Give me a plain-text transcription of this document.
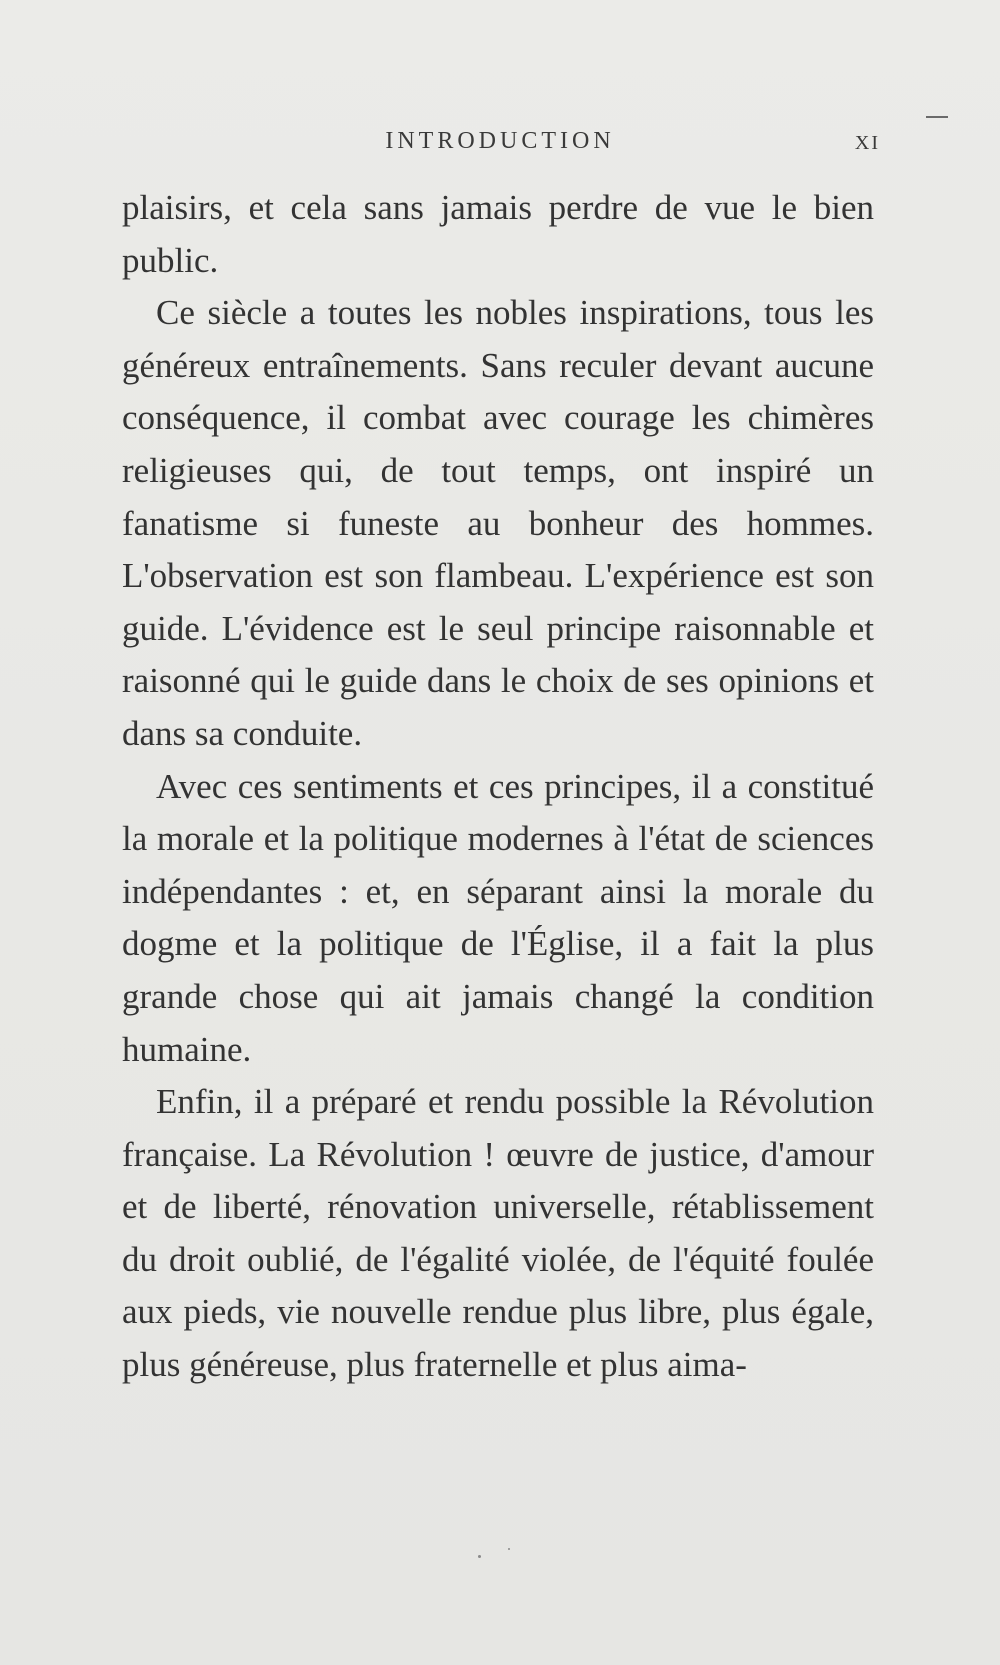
INTRODUCTION	XI

plaisirs, et cela sans jamais perdre de vue le bien public.

Ce siècle a toutes les nobles inspirations, tous les généreux entraînements. Sans reculer devant aucune conséquence, il combat avec courage les chimères religieuses qui, de tout temps, ont inspiré un fanatisme si funeste au bonheur des hommes. L'observation est son flambeau. L'expérience est son guide. L'évidence est le seul principe raisonnable et raisonné qui le guide dans le choix de ses opinions et dans sa conduite.

Avec ces sentiments et ces principes, il a constitué la morale et la politique modernes à l'état de sciences indépendantes : et, en séparant ainsi la morale du dogme et la politique de l'Église, il a fait la plus grande chose qui ait jamais changé la condition humaine.

Enfin, il a préparé et rendu possible la Révolution française. La Révolution ! œuvre de justice, d'amour et de liberté, rénovation universelle, rétablissement du droit oublié, de l'égalité violée, de l'équité foulée aux pieds, vie nouvelle rendue plus libre, plus égale, plus généreuse, plus fraternelle et plus aima-
